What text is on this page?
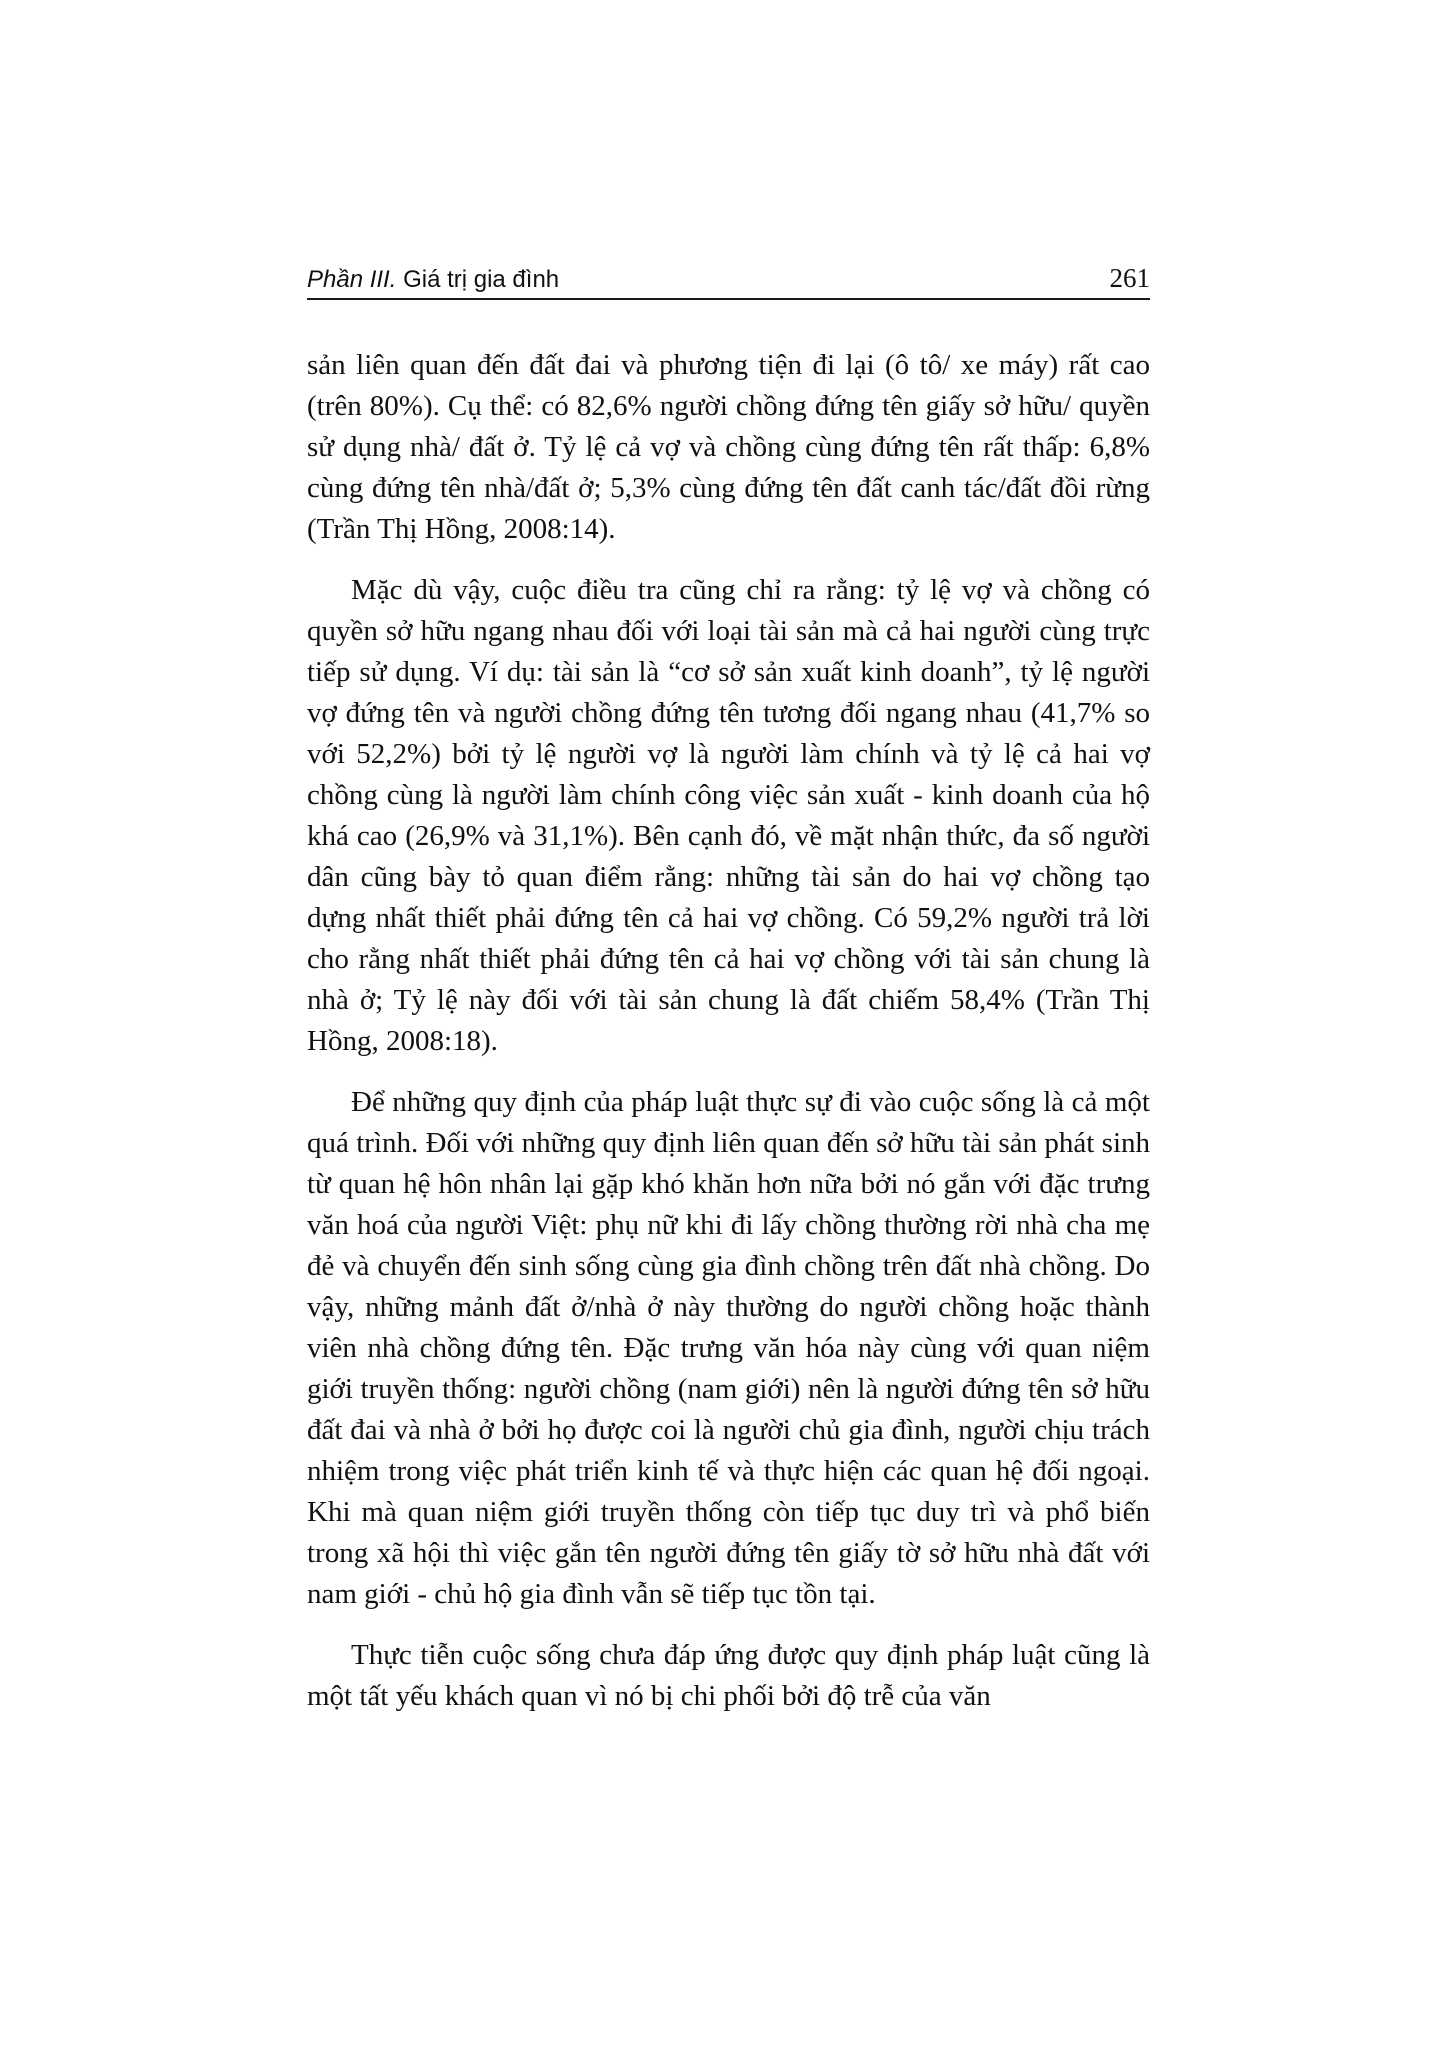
Phần III. Giá trị gia đình	261

sản liên quan đến đất đai và phương tiện đi lại (ô tô/ xe máy) rất cao (trên 80%). Cụ thể: có 82,6% người chồng đứng tên giấy sở hữu/ quyền sử dụng nhà/ đất ở. Tỷ lệ cả vợ và chồng cùng đứng tên rất thấp: 6,8% cùng đứng tên nhà/đất ở; 5,3% cùng đứng tên đất canh tác/đất đồi rừng (Trần Thị Hồng, 2008:14).

Mặc dù vậy, cuộc điều tra cũng chỉ ra rằng: tỷ lệ vợ và chồng có quyền sở hữu ngang nhau đối với loại tài sản mà cả hai người cùng trực tiếp sử dụng. Ví dụ: tài sản là “cơ sở sản xuất kinh doanh”, tỷ lệ người vợ đứng tên và người chồng đứng tên tương đối ngang nhau (41,7% so với 52,2%) bởi tỷ lệ người vợ là người làm chính và tỷ lệ cả hai vợ chồng cùng là người làm chính công việc sản xuất - kinh doanh của hộ khá cao (26,9% và 31,1%). Bên cạnh đó, về mặt nhận thức, đa số người dân cũng bày tỏ quan điểm rằng: những tài sản do hai vợ chồng tạo dựng nhất thiết phải đứng tên cả hai vợ chồng. Có 59,2% người trả lời cho rằng nhất thiết phải đứng tên cả hai vợ chồng với tài sản chung là nhà ở; Tỷ lệ này đối với tài sản chung là đất chiếm 58,4% (Trần Thị Hồng, 2008:18).

Để những quy định của pháp luật thực sự đi vào cuộc sống là cả một quá trình. Đối với những quy định liên quan đến sở hữu tài sản phát sinh từ quan hệ hôn nhân lại gặp khó khăn hơn nữa bởi nó gắn với đặc trưng văn hoá của người Việt: phụ nữ khi đi lấy chồng thường rời nhà cha mẹ đẻ và chuyển đến sinh sống cùng gia đình chồng trên đất nhà chồng. Do vậy, những mảnh đất ở/nhà ở này thường do người chồng hoặc thành viên nhà chồng đứng tên. Đặc trưng văn hóa này cùng với quan niệm giới truyền thống: người chồng (nam giới) nên là người đứng tên sở hữu đất đai và nhà ở bởi họ được coi là người chủ gia đình, người chịu trách nhiệm trong việc phát triển kinh tế và thực hiện các quan hệ đối ngoại. Khi mà quan niệm giới truyền thống còn tiếp tục duy trì và phổ biến trong xã hội thì việc gắn tên người đứng tên giấy tờ sở hữu nhà đất với nam giới - chủ hộ gia đình vẫn sẽ tiếp tục tồn tại.

Thực tiễn cuộc sống chưa đáp ứng được quy định pháp luật cũng là một tất yếu khách quan vì nó bị chi phối bởi độ trễ của văn
